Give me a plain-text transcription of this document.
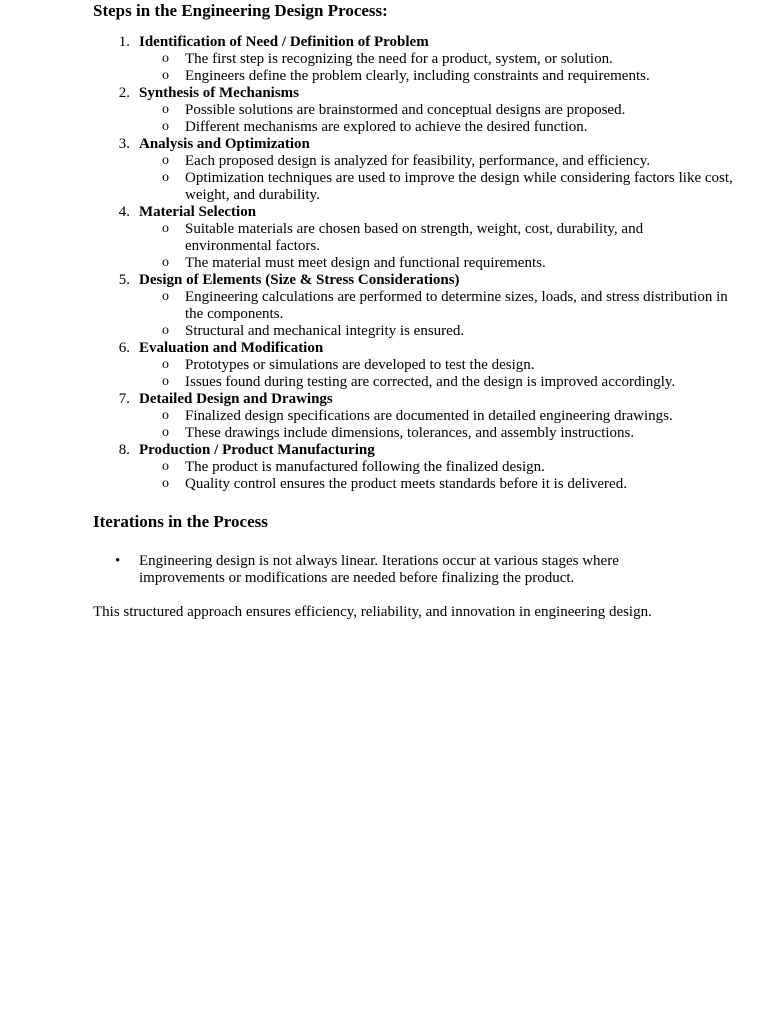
Steps in the Engineering Design Process:
1. Identification of Need / Definition of Problem
o The first step is recognizing the need for a product, system, or solution.
o Engineers define the problem clearly, including constraints and requirements.
2. Synthesis of Mechanisms
o Possible solutions are brainstormed and conceptual designs are proposed.
o Different mechanisms are explored to achieve the desired function.
3. Analysis and Optimization
o Each proposed design is analyzed for feasibility, performance, and efficiency.
o Optimization techniques are used to improve the design while considering factors like cost, weight, and durability.
4. Material Selection
o Suitable materials are chosen based on strength, weight, cost, durability, and environmental factors.
o The material must meet design and functional requirements.
5. Design of Elements (Size & Stress Considerations)
o Engineering calculations are performed to determine sizes, loads, and stress distribution in the components.
o Structural and mechanical integrity is ensured.
6. Evaluation and Modification
o Prototypes or simulations are developed to test the design.
o Issues found during testing are corrected, and the design is improved accordingly.
7. Detailed Design and Drawings
o Finalized design specifications are documented in detailed engineering drawings.
o These drawings include dimensions, tolerances, and assembly instructions.
8. Production / Product Manufacturing
o The product is manufactured following the finalized design.
o Quality control ensures the product meets standards before it is delivered.
Iterations in the Process
• Engineering design is not always linear. Iterations occur at various stages where improvements or modifications are needed before finalizing the product.

This structured approach ensures efficiency, reliability, and innovation in engineering design.
